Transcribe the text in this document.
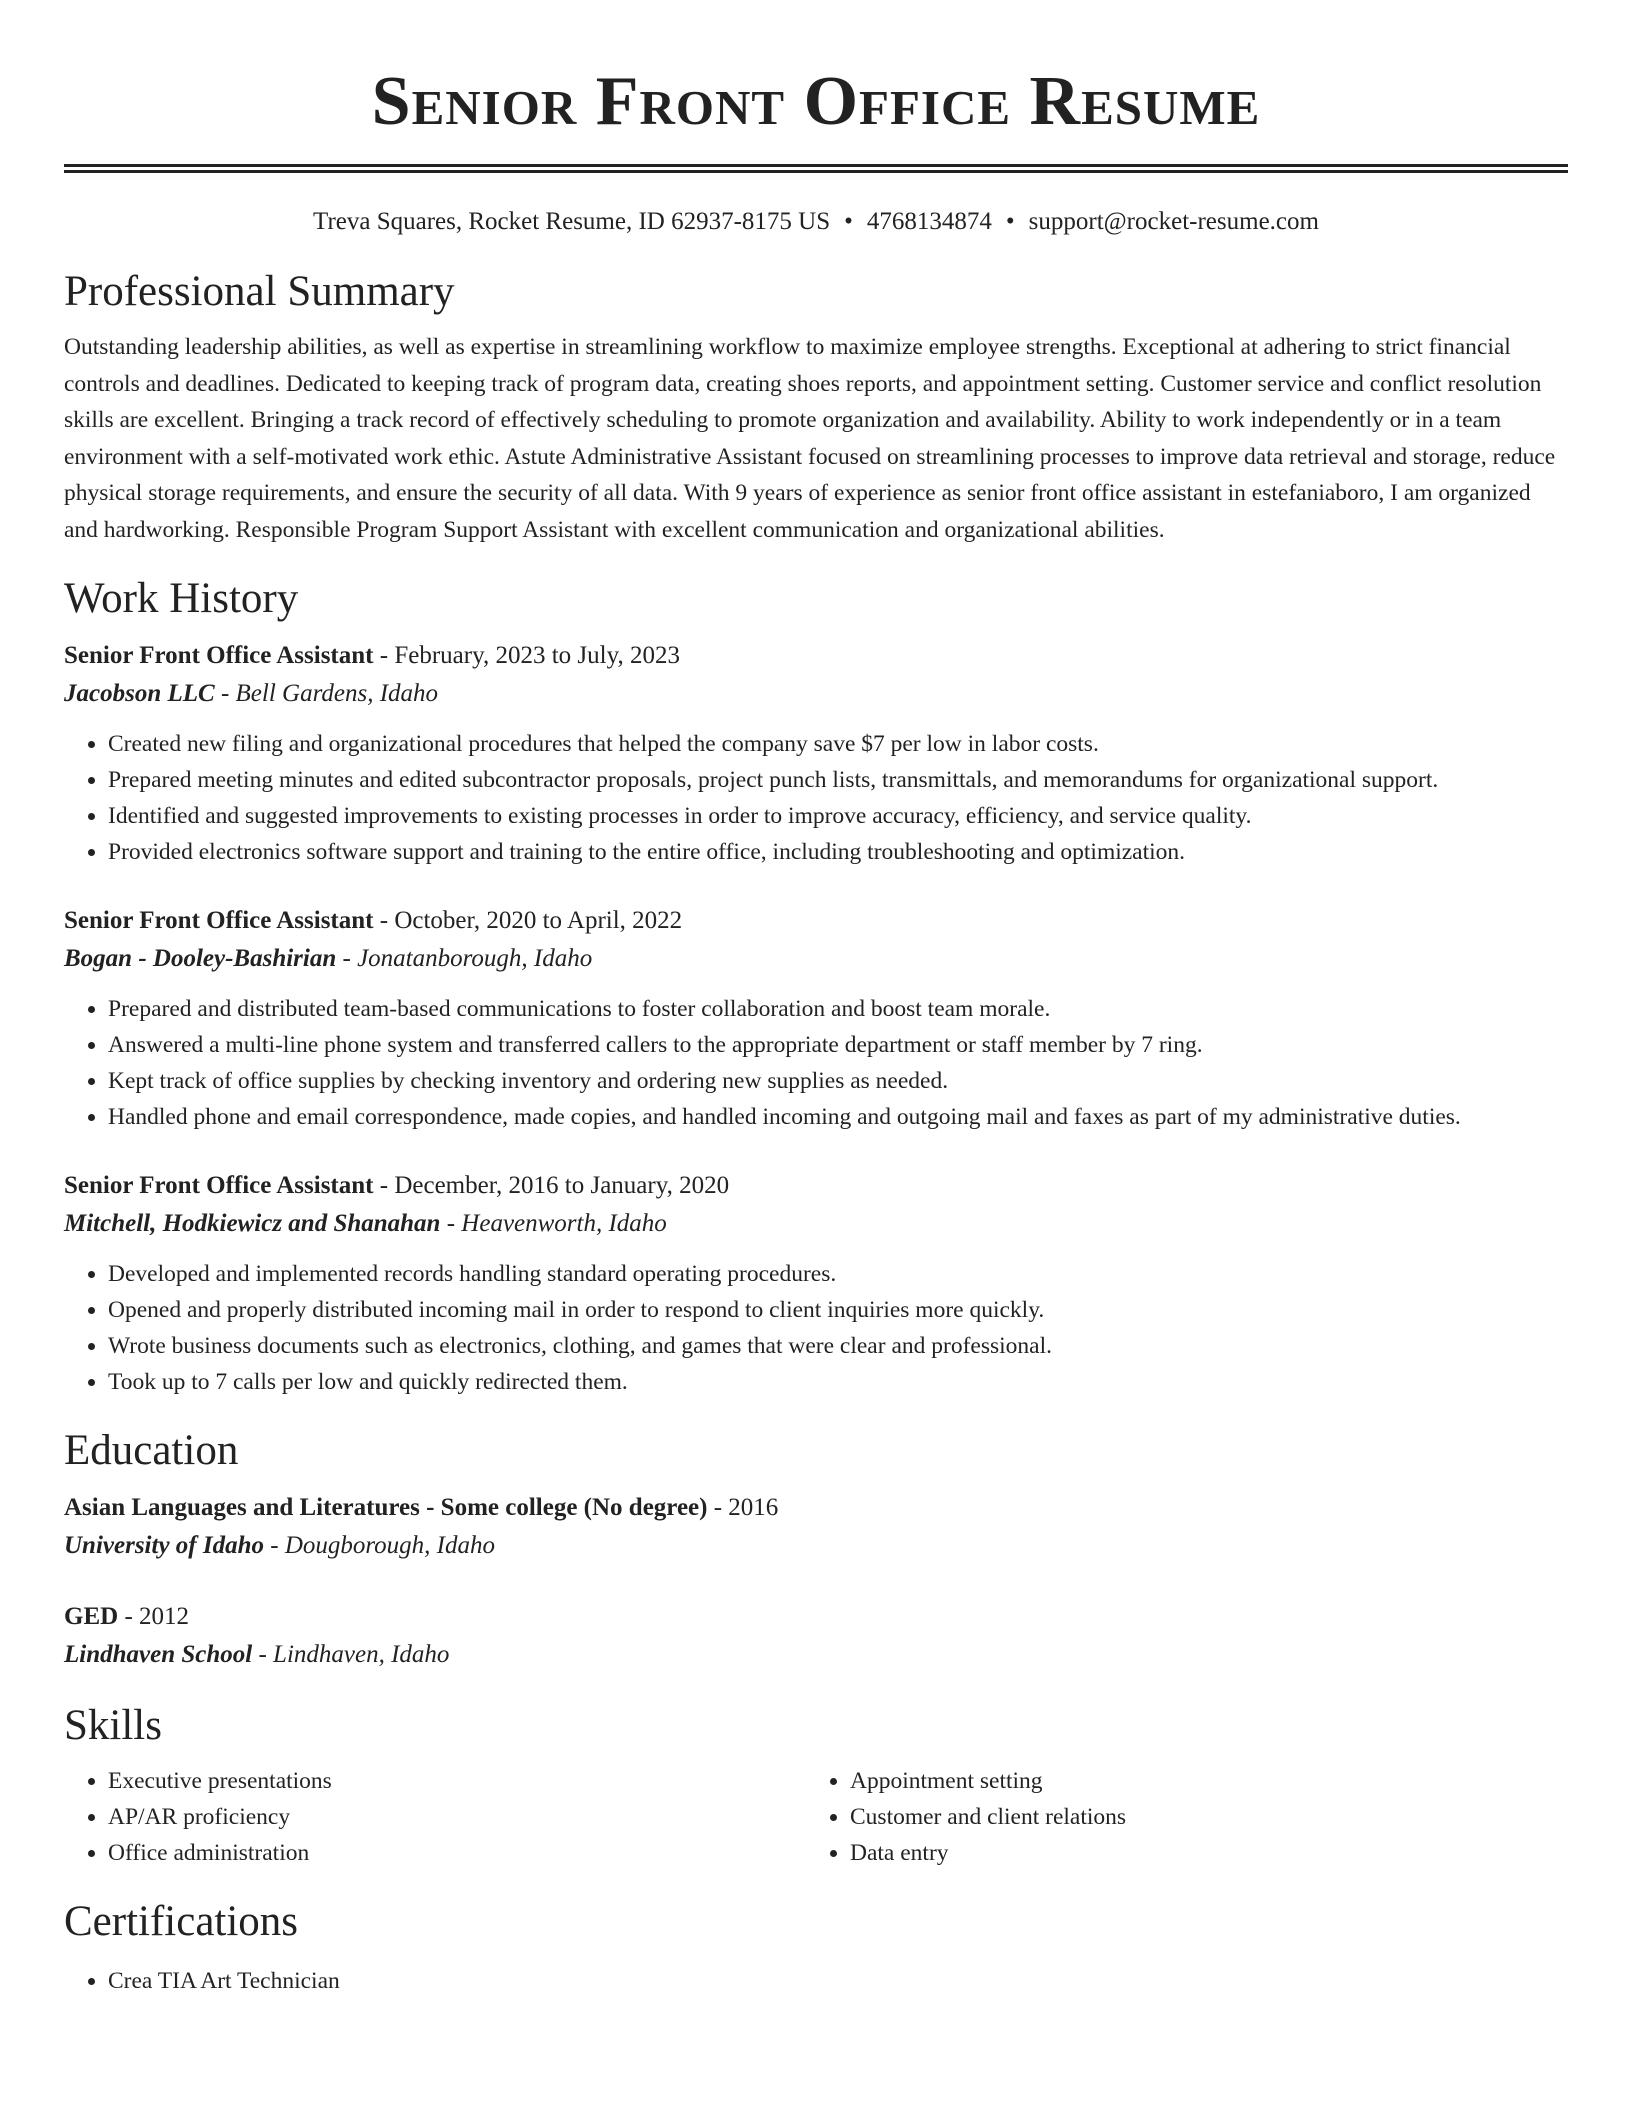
Senior Front Office Resume
Treva Squares, Rocket Resume, ID 62937-8175 US • 4768134874 • support@rocket-resume.com
Professional Summary

Outstanding leadership abilities, as well as expertise in streamlining workflow to maximize employee strengths. Exceptional at adhering to strict financial controls and deadlines. Dedicated to keeping track of program data, creating shoes reports, and appointment setting. Customer service and conflict resolution skills are excellent. Bringing a track record of effectively scheduling to promote organization and availability. Ability to work independently or in a team environment with a self-motivated work ethic. Astute Administrative Assistant focused on streamlining processes to improve data retrieval and storage, reduce physical storage requirements, and ensure the security of all data. With 9 years of experience as senior front office assistant in estefaniaboro, I am organized and hardworking. Responsible Program Support Assistant with excellent communication and organizational abilities.

Work History
Senior Front Office Assistant - February, 2023 to July, 2023
Jacobson LLC - Bell Gardens, Idaho
• Created new filing and organizational procedures that helped the company save $7 per low in labor costs.
• Prepared meeting minutes and edited subcontractor proposals, project punch lists, transmittals, and memorandums for organizational support.
• Identified and suggested improvements to existing processes in order to improve accuracy, efficiency, and service quality.
• Provided electronics software support and training to the entire office, including troubleshooting and optimization.
Senior Front Office Assistant - October, 2020 to April, 2022
Bogan - Dooley-Bashirian - Jonatanborough, Idaho
• Prepared and distributed team-based communications to foster collaboration and boost team morale.
• Answered a multi-line phone system and transferred callers to the appropriate department or staff member by 7 ring.
• Kept track of office supplies by checking inventory and ordering new supplies as needed.
• Handled phone and email correspondence, made copies, and handled incoming and outgoing mail and faxes as part of my administrative duties.
Senior Front Office Assistant - December, 2016 to January, 2020
Mitchell, Hodkiewicz and Shanahan - Heavenworth, Idaho
• Developed and implemented records handling standard operating procedures.
• Opened and properly distributed incoming mail in order to respond to client inquiries more quickly.
• Wrote business documents such as electronics, clothing, and games that were clear and professional.
• Took up to 7 calls per low and quickly redirected them.
Education
Asian Languages and Literatures - Some college (No degree) - 2016
University of Idaho - Dougborough, Idaho
GED - 2012
Lindhaven School - Lindhaven, Idaho
Skills
• Executive presentations
• AP/AR proficiency
• Office administration
• Appointment setting
• Customer and client relations
• Data entry
Certifications
• Crea TIA Art Technician
